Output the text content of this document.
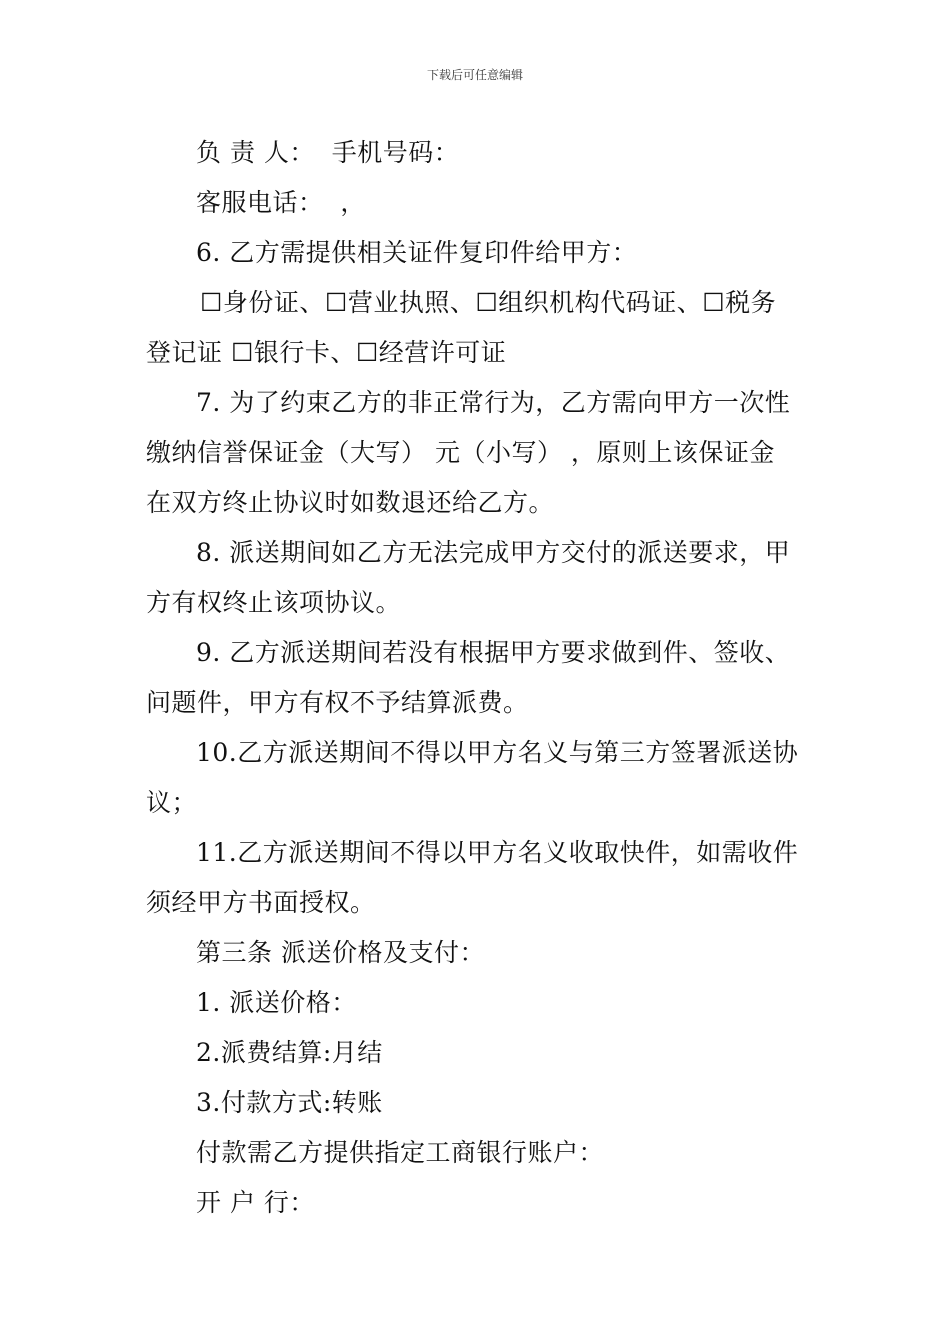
下载后可任意编辑
负 责 人：  手机号码：
客服电话：  ，
6. 乙方需提供相关证件复印件给甲方：
☐身份证、☐营业执照、☐组织机构代码证、☐税务
登记证 ☐银行卡、☐经营许可证
7. 为了约束乙方的非正常行为，乙方需向甲方一次性
缴纳信誉保证金（大写） 元（小写） ，原则上该保证金
在双方终止协议时如数退还给乙方。
8. 派送期间如乙方无法完成甲方交付的派送要求，甲
方有权终止该项协议。
9. 乙方派送期间若没有根据甲方要求做到件、签收、
问题件，甲方有权不予结算派费。
10.乙方派送期间不得以甲方名义与第三方签署派送协
议；
11.乙方派送期间不得以甲方名义收取快件，如需收件
须经甲方书面授权。
第三条 派送价格及支付：
1. 派送价格：
2.派费结算:月结
3.付款方式:转账
付款需乙方提供指定工商银行账户：
开 户 行：
